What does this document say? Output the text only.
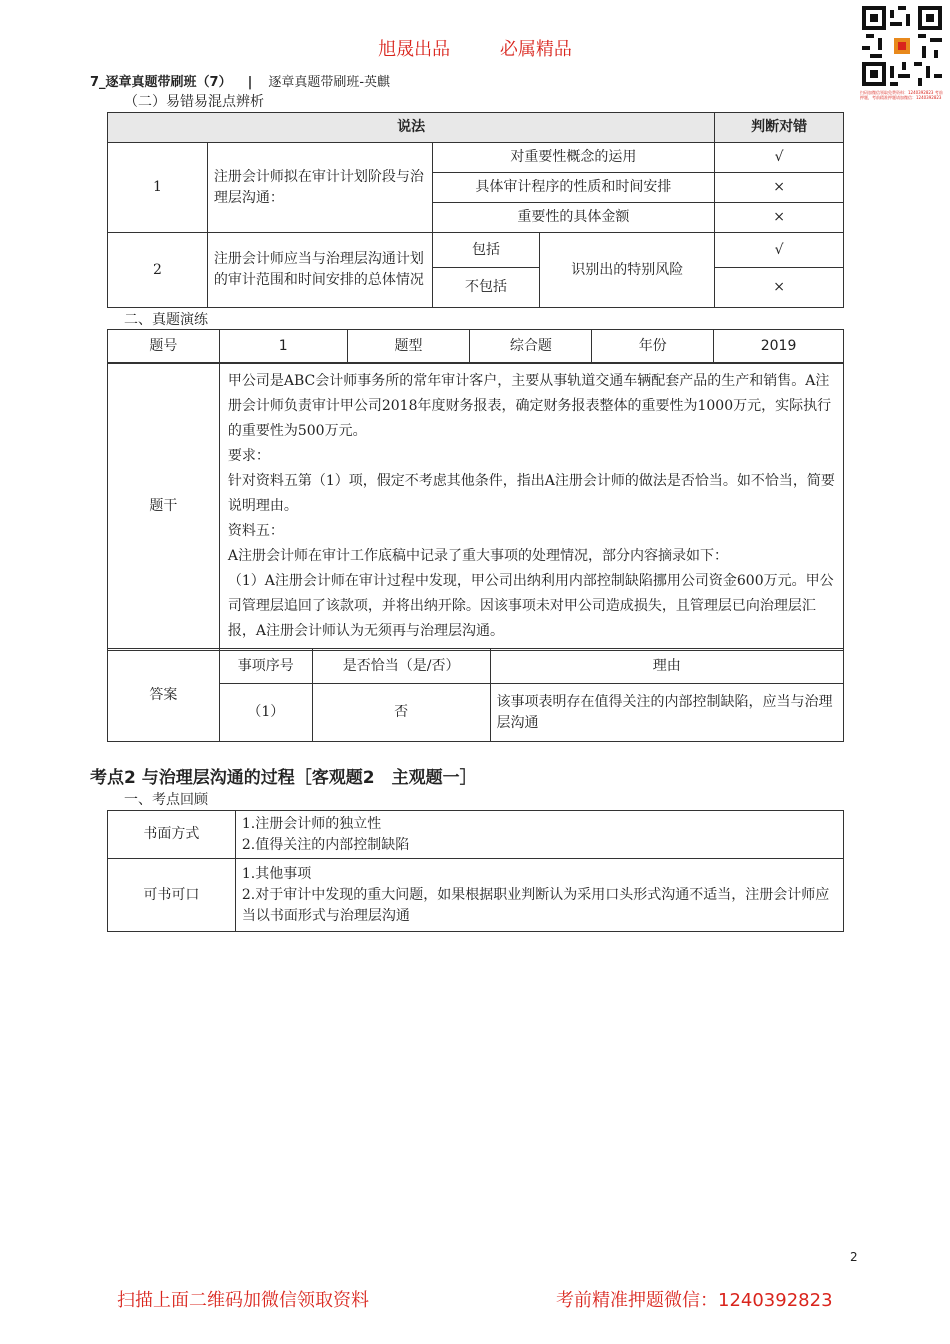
旭晟出品	必属精品
扫码加微信领取免费资料：1240392823 考前押题，考前精准押题请加微信：1240392823
7_逐章真题带刷班（7） | 逐章真题带刷班-英麒
（二）易错易混点辨析
说法				判断对错
1	注册会计师拟在审计计划阶段与治理层沟通：	对重要性概念的运用		√
		具体审计程序的性质和时间安排		×
		重要性的具体金额		×
2	注册会计师应当与治理层沟通计划的审计范围和时间安排的总体情况	包括	识别出的特别风险	√
		不包括		×
二、真题演练
题号	1	题型	综合题	年份	2019
题干	

甲公司是ABC会计师事务所的常年审计客户，主要从事轨道交通车辆配套产品的生产和销售。A注册会计师负责审计甲公司2018年度财务报表，确定财务报表整体的重要性为1000万元，实际执行的重要性为500万元。

要求：

针对资料五第（1）项，假定不考虑其他条件，指出A注册会计师的做法是否恰当。如不恰当，简要说明理由。

资料五：

A注册会计师在审计工作底稿中记录了重大事项的处理情况，部分内容摘录如下：

（1）A注册会计师在审计过程中发现，甲公司出纳利用内部控制缺陷挪用公司资金600万元。甲公司管理层追回了该款项，并将出纳开除。因该事项未对甲公司造成损失，且管理层已向治理层汇报，A注册会计师认为无须再与治理层沟通。

答案	事项序号	是否恰当（是/否）	理由
	（1）	否	该事项表明存在值得关注的内部控制缺陷，应当与治理层沟通
考点2 与治理层沟通的过程［客观题2　主观题一］
一、考点回顾
书面方式	1.注册会计师的独立性
2.值得关注的内部控制缺陷

可书可口	1.其他事项
2.对于审计中发现的重大问题，如果根据职业判断认为采用口头形式沟通不适当，注册会计师应当以书面形式与治理层沟通
2
扫描上面二维码加微信领取资料	考前精准押题微信：1240392823
